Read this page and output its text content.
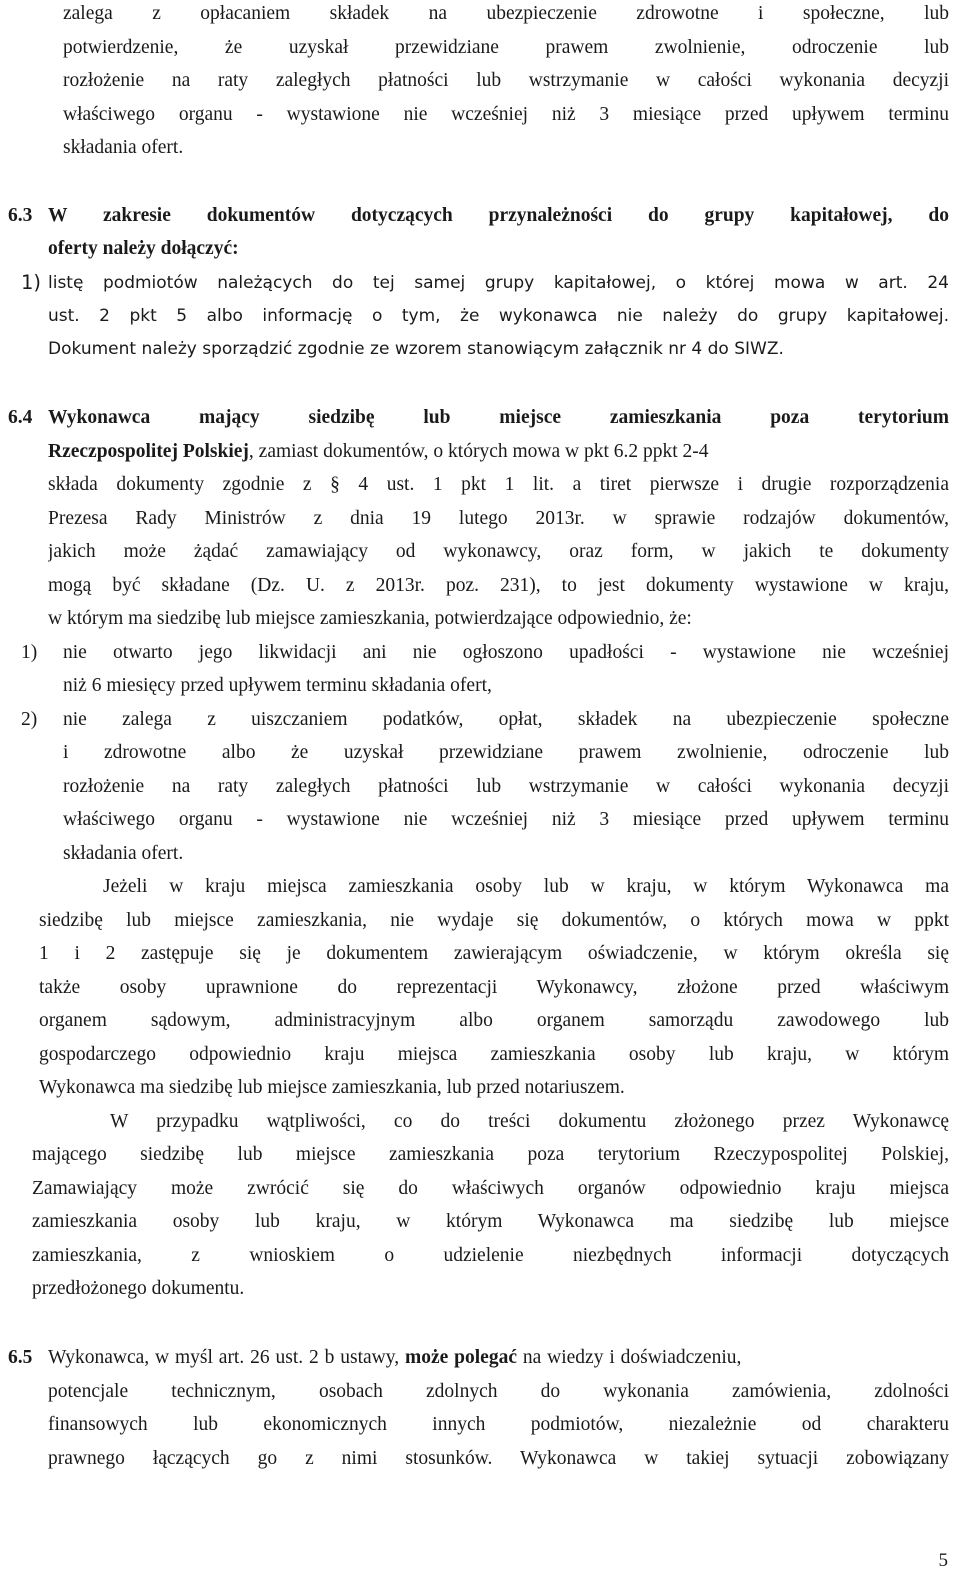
zalega z opłacaniem składek na ubezpieczenie zdrowotne i społeczne, lub
potwierdzenie, że uzyskał przewidziane prawem zwolnienie, odroczenie lub
rozłożenie na raty zaległych płatności lub wstrzymanie w całości wykonania decyzji
właściwego organu - wystawione nie wcześniej niż 3 miesiące przed upływem terminu
składania ofert.
6.3 W zakresie dokumentów dotyczących przynależności do grupy kapitałowej, do
oferty należy dołączyć:
1) listę podmiotów należących do tej samej grupy kapitałowej, o której mowa w art. 24
ust. 2 pkt 5 albo informację o tym, że wykonawca nie należy do grupy kapitałowej.
Dokument należy sporządzić zgodnie ze wzorem stanowiącym załącznik nr 4 do SIWZ.
6.4 Wykonawca mający siedzibę lub miejsce zamieszkania poza terytorium
Rzeczpospolitej Polskiej, zamiast dokumentów, o których mowa w pkt 6.2 ppkt 2-4
składa dokumenty zgodnie z § 4 ust. 1 pkt 1 lit. a tiret pierwsze i drugie rozporządzenia
Prezesa Rady Ministrów z dnia 19 lutego 2013r. w sprawie rodzajów dokumentów,
jakich może żądać zamawiający od wykonawcy, oraz form, w jakich te dokumenty
mogą być składane (Dz. U. z 2013r. poz. 231), to jest dokumenty wystawione w kraju,
w którym ma siedzibę lub miejsce zamieszkania, potwierdzające odpowiednio, że:
1) nie otwarto jego likwidacji ani nie ogłoszono upadłości - wystawione nie wcześniej
niż 6 miesięcy przed upływem terminu składania ofert,
2) nie zalega z uiszczaniem podatków, opłat, składek na ubezpieczenie społeczne
i zdrowotne albo że uzyskał przewidziane prawem zwolnienie, odroczenie lub
rozłożenie na raty zaległych płatności lub wstrzymanie w całości wykonania decyzji
właściwego organu - wystawione nie wcześniej niż 3 miesiące przed upływem terminu
składania ofert.
Jeżeli w kraju miejsca zamieszkania osoby lub w kraju, w którym Wykonawca ma
siedzibę lub miejsce zamieszkania, nie wydaje się dokumentów, o których mowa w ppkt
1 i 2 zastępuje się je dokumentem zawierającym oświadczenie, w którym określa się
także osoby uprawnione do reprezentacji Wykonawcy, złożone przed właściwym
organem sądowym, administracyjnym albo organem samorządu zawodowego lub
gospodarczego odpowiednio kraju miejsca zamieszkania osoby lub kraju, w którym
Wykonawca ma siedzibę lub miejsce zamieszkania, lub przed notariuszem.
W przypadku wątpliwości, co do treści dokumentu złożonego przez Wykonawcę
mającego siedzibę lub miejsce zamieszkania poza terytorium Rzeczypospolitej Polskiej,
Zamawiający może zwrócić się do właściwych organów odpowiednio kraju miejsca
zamieszkania osoby lub kraju, w którym Wykonawca ma siedzibę lub miejsce
zamieszkania, z wnioskiem o udzielenie niezbędnych informacji dotyczących
przedłożonego dokumentu.
6.5 Wykonawca, w myśl art. 26 ust. 2 b ustawy, może polegać na wiedzy i doświadczeniu,
potencjale technicznym, osobach zdolnych do wykonania zamówienia, zdolności
finansowych lub ekonomicznych innych podmiotów, niezależnie od charakteru
prawnego łączących go z nimi stosunków. Wykonawca w takiej sytuacji zobowiązany
5
